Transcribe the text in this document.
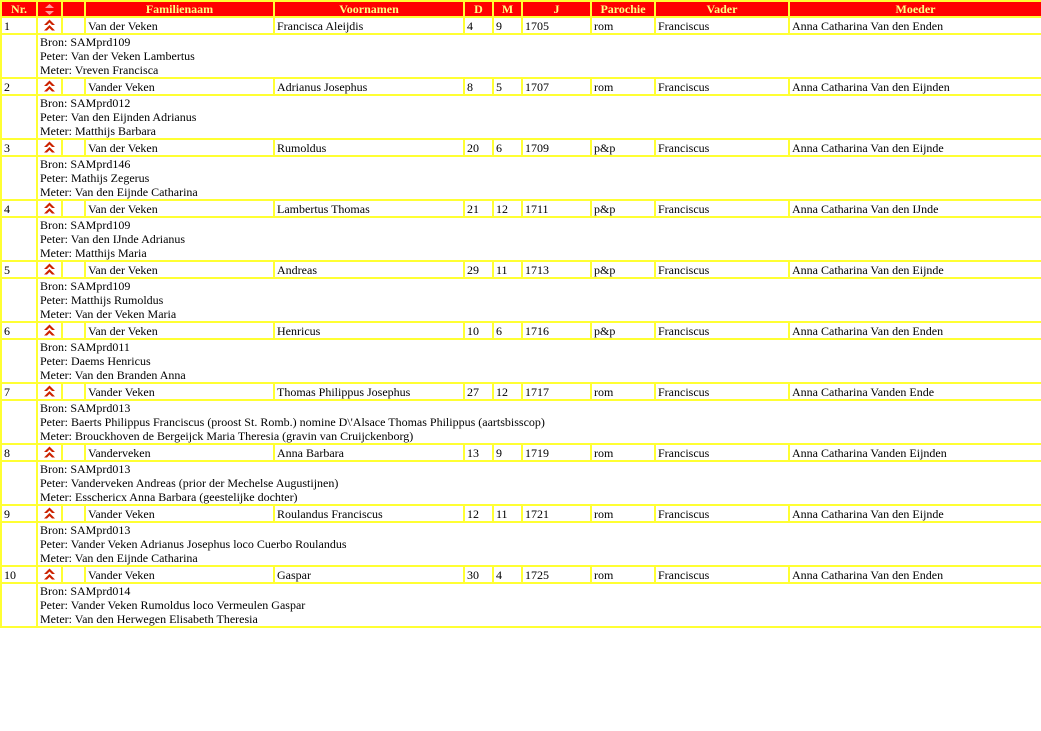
Nr.			Familienaam	Voornamen	D	M	J	Parochie	Vader	Moeder
1			Van der Veken	Francisca Aleijdis	4	9	1705	rom	Franciscus	Anna Catharina Van den Enden

	Bron: SAMprd109
Peter: Van der Veken Lambertus
Meter: Vreven Francisca									

2			Vander Veken	Adrianus Josephus	8	5	1707	rom	Franciscus	Anna Catharina Van den Eijnden

	Bron: SAMprd012
Peter: Van den Eijnden Adrianus
Meter: Matthijs Barbara									

3			Van der Veken	Rumoldus	20	6	1709	p&p	Franciscus	Anna Catharina Van den Eijnde

	Bron: SAMprd146
Peter: Mathijs Zegerus
Meter: Van den Eijnde Catharina									

4			Van der Veken	Lambertus Thomas	21	12	1711	p&p	Franciscus	Anna Catharina Van den IJnde

	Bron: SAMprd109
Peter: Van den IJnde Adrianus
Meter: Matthijs Maria									

5			Van der Veken	Andreas	29	11	1713	p&p	Franciscus	Anna Catharina Van den Eijnde

	Bron: SAMprd109
Peter: Matthijs Rumoldus
Meter: Van der Veken Maria									

6			Van der Veken	Henricus	10	6	1716	p&p	Franciscus	Anna Catharina Van den Enden

	Bron: SAMprd011
Peter: Daems Henricus
Meter: Van den Branden Anna									

7			Vander Veken	Thomas Philippus Josephus	27	12	1717	rom	Franciscus	Anna Catharina Vanden Ende

	Bron: SAMprd013
Peter: Baerts Philippus Franciscus (proost St. Romb.) nomine D\'Alsace Thomas Philippus (aartsbisscop)
Meter: Brouckhoven de Bergeijck Maria Theresia (gravin van Cruijckenborg)									

8			Vanderveken	Anna Barbara	13	9	1719	rom	Franciscus	Anna Catharina Vanden Eijnden

	Bron: SAMprd013
Peter: Vanderveken Andreas (prior der Mechelse Augustijnen)
Meter: Esschericx Anna Barbara (geestelijke dochter)									

9			Vander Veken	Roulandus Franciscus	12	11	1721	rom	Franciscus	Anna Catharina Van den Eijnde

	Bron: SAMprd013
Peter: Vander Veken Adrianus Josephus loco Cuerbo Roulandus
Meter: Van den Eijnde Catharina									

10			Vander Veken	Gaspar	30	4	1725	rom	Franciscus	Anna Catharina Van den Enden

	Bron: SAMprd014
Peter: Vander Veken Rumoldus loco Vermeulen Gaspar
Meter: Van den Herwegen Elisabeth Theresia									
